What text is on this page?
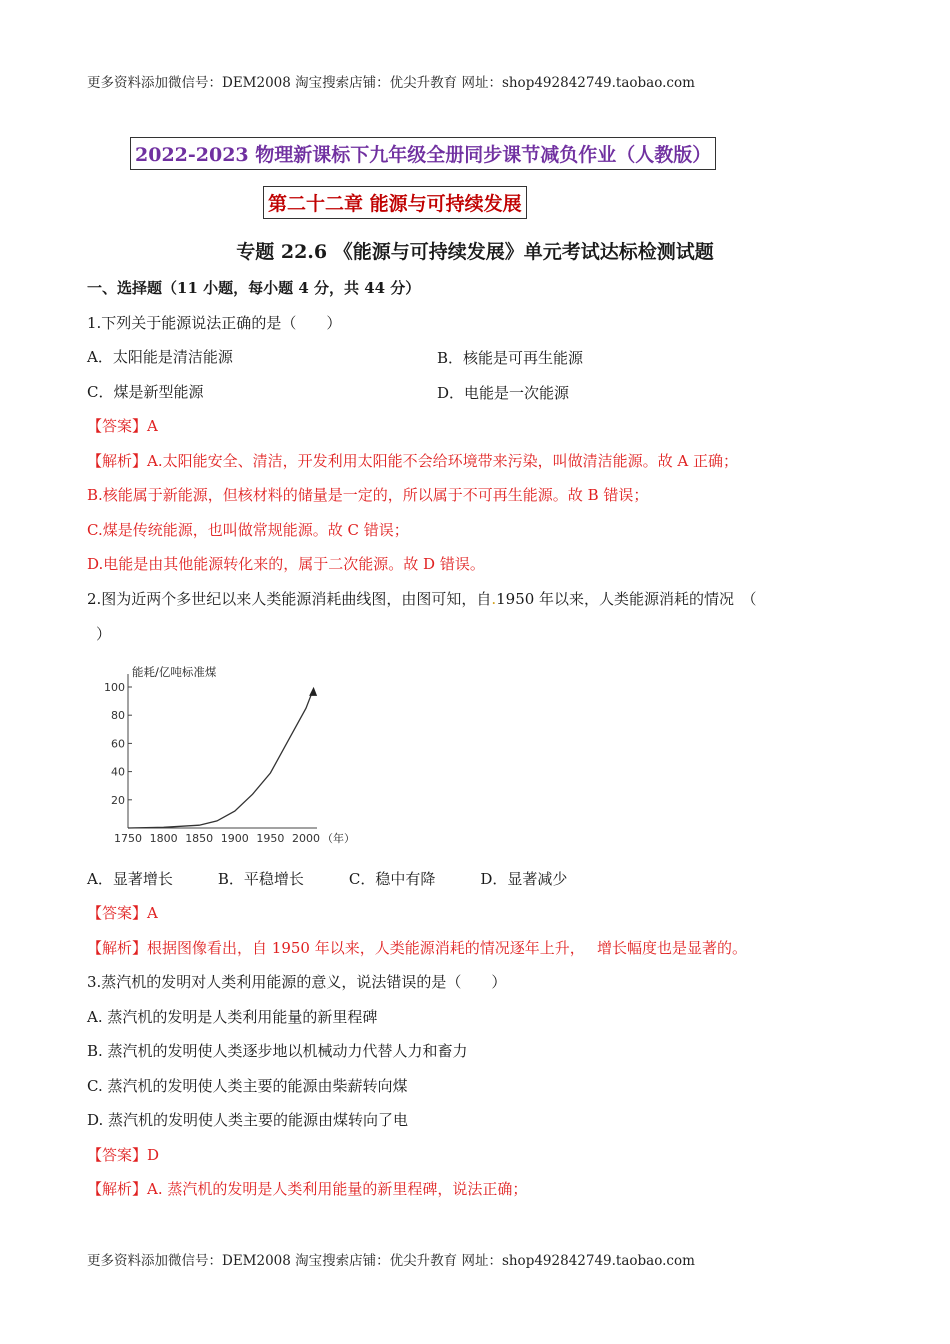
更多资料添加微信号：DEM2008 淘宝搜索店铺：优尖升教育 网址：shop492842749.taobao.com
2022-2023 物理新课标下九年级全册同步课节减负作业（人教版）
第二十二章 能源与可持续发展
专题 22.6 《能源与可持续发展》单元考试达标检测试题
一、选择题（11 小题，每小题 4 分，共 44 分）
1.下列关于能源说法正确的是（　　）
A．太阳能是清洁能源	B．核能是可再生能源
C．煤是新型能源	D．电能是一次能源
【答案】A
【解析】A.太阳能安全、清洁，开发利用太阳能不会给环境带来污染，叫做清洁能源。故 A 正确；
B.核能属于新能源，但核材料的储量是一定的，所以属于不可再生能源。故 B 错误；
C.煤是传统能源，也叫做常规能源。故 C 错误；
D.电能是由其他能源转化来的，属于二次能源。故 D 错误。
2.图为近两个多世纪以来人类能源消耗曲线图，由图可知，自.1950 年以来，人类能源消耗的情况　（
）
20
40
60
80
100
1750 1800 1850 1900 1950 2000
能耗/亿吨标准煤
（年）
A．显著增长　　　B．平稳增长　　　C．稳中有降　　　D．显著减少
【答案】A
【解析】根据图像看出，自 1950 年以来，人类能源消耗的情况逐年上升，　 增长幅度也是显著的。
3.蒸汽机的发明对人类利用能源的意义，说法错误的是（　　）
A. 蒸汽机的发明是人类利用能量的新里程碑
B. 蒸汽机的发明使人类逐步地以机械动力代替人力和畜力
C. 蒸汽机的发明使人类主要的能源由柴薪转向煤
D. 蒸汽机的发明使人类主要的能源由煤转向了电
【答案】D
【解析】A. 蒸汽机的发明是人类利用能量的新里程碑，说法正确；
更多资料添加微信号：DEM2008 淘宝搜索店铺：优尖升教育 网址：shop492842749.taobao.com
